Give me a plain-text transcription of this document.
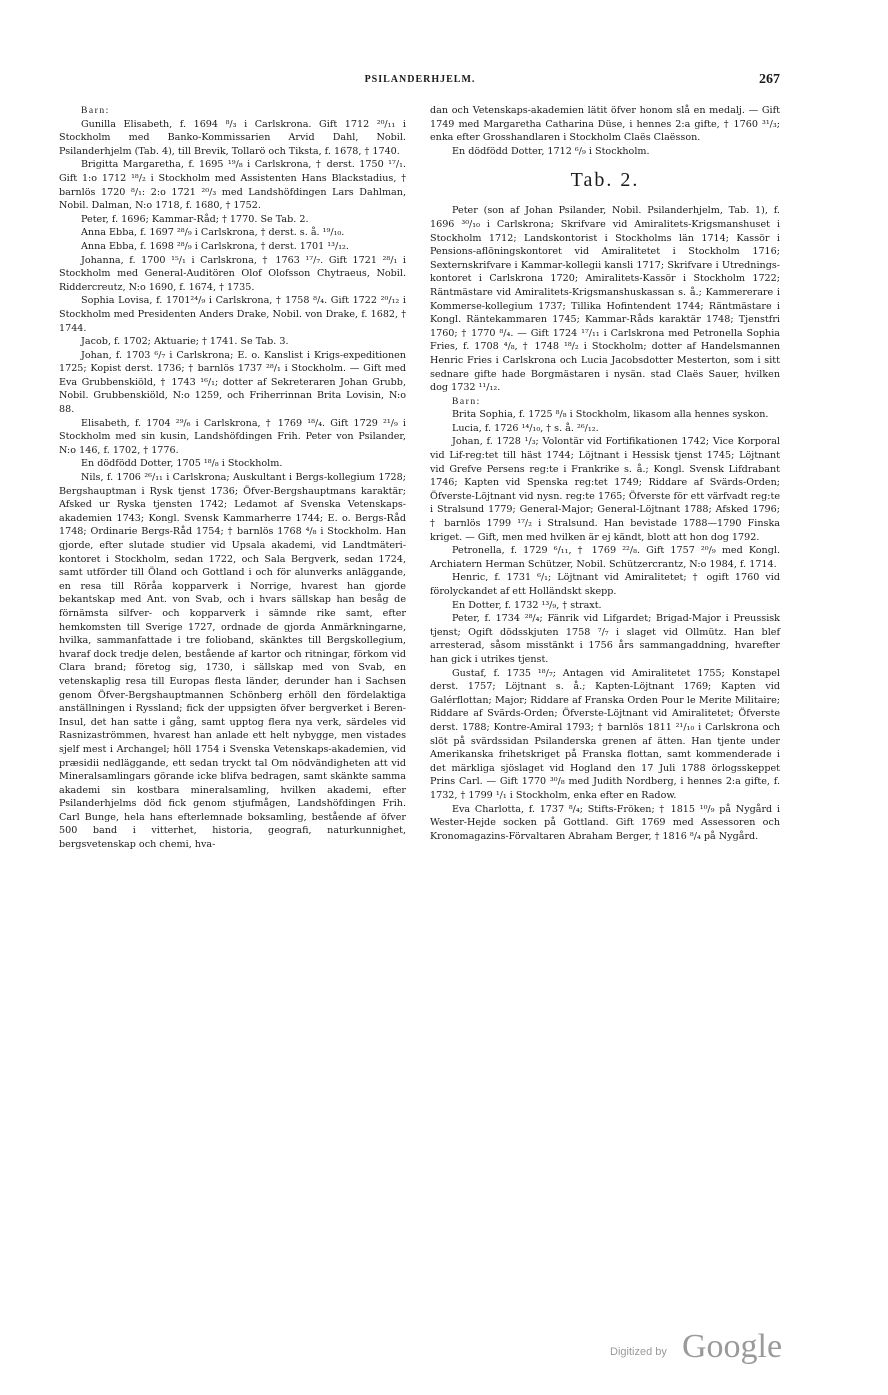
PSILANDERHJELM.	267

Barn:

Gunilla Elisabeth, f. 1694 ⁸/₃ i Carlskrona. Gift 1712 ²⁰/₁₁ i Stockholm med Banko-Kommissarien Arvid Dahl, Nobil. Psilanderhjelm (Tab. 4), till Brevik, Tollarö och Tiksta, f. 1678, † 1740.

Brigitta Margaretha, f. 1695 ¹⁹/₈ i Carlskrona, † derst. 1750 ¹⁷/₁. Gift 1:o 1712 ¹⁸/₂ i Stockholm med Assistenten Hans Blackstadius, † barnlös 1720 ⁸/₁: 2:o 1721 ²⁰/₃ med Landshöfdingen Lars Dahlman, Nobil. Dalman, N:o 1718, f. 1680, † 1752.

Peter, f. 1696; Kammar-Råd; † 1770. Se Tab. 2.

Anna Ebba, f. 1697 ²⁸/₉ i Carlskrona, † derst. s. å. ¹⁹/₁₀.

Anna Ebba, f. 1698 ²⁸/₉ i Carlskrona, † derst. 1701 ¹³/₁₂.

Johanna, f. 1700 ¹⁵/₁ i Carlskrona, † 1763 ¹⁷/₇. Gift 1721 ²⁸/₁ i Stockholm med General-Auditören Olof Olofsson Chytraeus, Nobil. Riddercreutz, N:o 1690, f. 1674, † 1735.

Sophia Lovisa, f. 1701²⁴/₉ i Carlskrona, † 1758 ⁸/₄. Gift 1722 ²⁰/₁₂ i Stockholm med Presidenten Anders Drake, Nobil. von Drake, f. 1682, † 1744.

Jacob, f. 1702; Aktuarie; † 1741. Se Tab. 3.

Johan, f. 1703 ⁶/₇ i Carlskrona; E. o. Kanslist i Krigs-expeditionen 1725; Kopist derst. 1736; † barnlös 1737 ²⁸/₁ i Stockholm. — Gift med Eva Grubbenskiöld, † 1743 ¹⁶/₁; dotter af Sekreteraren Johan Grubb, Nobil. Grubbenskiöld, N:o 1259, och Friherrinnan Brita Lovisin, N:o 88.

Elisabeth, f. 1704 ²⁹/₆ i Carlskrona, † 1769 ¹⁸/₄. Gift 1729 ²¹/₉ i Stockholm med sin kusin, Landshöfdingen Frih. Peter von Psilander, N:o 146, f. 1702, † 1776.

En dödfödd Dotter, 1705 ¹⁸/₈ i Stockholm.

Nils, f. 1706 ²⁶/₁₁ i Carlskrona; Auskultant i Bergs-kollegium 1728; Bergshauptman i Rysk tjenst 1736; Öfver-Bergshauptmans karaktär; Afsked ur Ryska tjensten 1742; Ledamot af Svenska Vetenskaps-akademien 1743; Kongl. Svensk Kammarherre 1744; E. o. Bergs-Råd 1748; Ordinarie Bergs-Råd 1754; † barnlös 1768 ⁴/₈ i Stockholm. Han gjorde, efter slutade studier vid Upsala akademi, vid Landtmäteri-kontoret i Stockholm, sedan 1722, och Sala Bergverk, sedan 1724, samt utförder till Öland och Gottland i och för alunverks anläggande, en resa till Röråa kopparverk i Norrige, hvarest han gjorde bekantskap med Ant. von Svab, och i hvars sällskap han besåg de förnämsta silfver- och kopparverk i sämnde rike samt, efter hemkomsten till Sverige 1727, ordnade de gjorda Anmärkningarne, hvilka, sammanfattade i tre folioband, skänktes till Bergskollegium, hvaraf dock tredje delen, bestående af kartor och ritningar, förkom vid Clara brand; företog sig, 1730, i sällskap med von Svab, en vetenskaplig resa till Europas flesta länder, derunder han i Sachsen genom Öfver-Bergshauptmannen Schönberg erhöll den fördelaktiga anställningen i Ryssland; fick der uppsigten öfver bergverket i Beren-Insul, det han satte i gång, samt upptog flera nya verk, särdeles vid Rasnizaströmmen, hvarest han anlade ett helt nybygge, men vistades sjelf mest i Archangel; höll 1754 i Svenska Vetenskaps-akademien, vid præsidii nedläggande, ett sedan tryckt tal Om nödvändigheten att vid Mineralsamlingars görande icke blifva bedragen, samt skänkte samma akademi sin kostbara mineralsamling, hvilken akademi, efter Psilanderhjelms död fick genom stjufmågen, Landshöfdingen Frih. Carl Bunge, hela hans efterlemnade boksamling, bestående af öfver 500 band i vitterhet, historia, geografi, naturkunnighet, bergsvetenskap och chemi, hva-

dan och Vetenskaps-akademien lätit öfver honom slå en medalj. — Gift 1749 med Margaretha Catharina Düse, i hennes 2:a gifte, † 1760 ³¹/₃; enka efter Grosshandlaren i Stockholm Claës Claësson.

En dödfödd Dotter, 1712 ⁶/₉ i Stockholm.

Tab. 2.

Peter (son af Johan Psilander, Nobil. Psilanderhjelm, Tab. 1), f. 1696 ³⁰/₁₀ i Carlskrona; Skrifvare vid Amiralitets-Krigsmanshuset i Stockholm 1712; Landskontorist i Stockholms län 1714; Kassör i Pensions-aflöningskontoret vid Amiralitetet i Stockholm 1716; Sexternskrifvare i Kammar-kollegii kansli 1717; Skrifvare i Utrednings-kontoret i Carlskrona 1720; Amiralitets-Kassör i Stockholm 1722; Räntmästare vid Amiralitets-Krigsmanshuskassan s. å.; Kammererare i Kommerse-kollegium 1737; Tillika Hofintendent 1744; Räntmästare i Kongl. Räntekammaren 1745; Kammar-Råds karaktär 1748; Tjenstfri 1760; † 1770 ⁸/₄. — Gift 1724 ¹⁷/₁₁ i Carlskrona med Petronella Sophia Fries, f. 1708 ⁴/₈, † 1748 ¹⁸/₂ i Stockholm; dotter af Handelsmannen Henric Fries i Carlskrona och Lucia Jacobsdotter Mesterton, som i sitt sednare gifte hade Borgmästaren i nysän. stad Claës Sauer, hvilken dog 1732 ¹¹/₁₂.

Barn:

Brita Sophia, f. 1725 ⁸/₈ i Stockholm, likasom alla hennes syskon.

Lucia, f. 1726 ¹⁴/₁₀, † s. å. ²⁶/₁₂.

Johan, f. 1728 ¹/₃; Volontär vid Fortifikationen 1742; Vice Korporal vid Lif-reg:tet till häst 1744; Löjtnant i Hessisk tjenst 1745; Löjtnant vid Grefve Persens reg:te i Frankrike s. å.; Kongl. Svensk Lifdrabant 1746; Kapten vid Spenska reg:tet 1749; Riddare af Svärds-Orden; Öfverste-Löjtnant vid nysn. reg:te 1765; Öfverste för ett värfvadt reg:te i Stralsund 1779; General-Major; General-Löjtnant 1788; Afsked 1796; † barnlös 1799 ¹⁷/₂ i Stralsund. Han bevistade 1788—1790 Finska kriget. — Gift, men med hvilken är ej kändt, blott att hon dog 1792.

Petronella, f. 1729 ⁶/₁₁, † 1769 ²²/₈. Gift 1757 ²⁰/₉ med Kongl. Archiatern Herman Schützer, Nobil. Schützercrantz, N:o 1984, f. 1714.

Henric, f. 1731 ⁶/₁; Löjtnant vid Amiralitetet; † ogift 1760 vid förolyckandet af ett Holländskt skepp.

En Dotter, f. 1732 ¹³/₉, † straxt.

Peter, f. 1734 ²⁸/₄; Fänrik vid Lifgardet; Brigad-Major i Preussisk tjenst; Ogift dödsskjuten 1758 ⁷/₇ i slaget vid Ollmütz. Han blef arresterad, såsom misstänkt i 1756 års sammangaddning, hvarefter han gick i utrikes tjenst.

Gustaf, f. 1735 ¹⁸/₇; Antagen vid Amiralitetet 1755; Konstapel derst. 1757; Löjtnant s. å.; Kapten-Löjtnant 1769; Kapten vid Galérflottan; Major; Riddare af Franska Orden Pour le Merite Militaire; Riddare af Svärds-Orden; Öfverste-Löjtnant vid Amiralitetet; Öfverste derst. 1788; Kontre-Amiral 1793; † barnlös 1811 ²¹/₁₀ i Carlskrona och slöt på svärdssidan Psilanderska grenen af ätten. Han tjente under Amerikanska frihetskriget på Franska flottan, samt kommenderade i det märkliga sjöslaget vid Hogland den 17 Juli 1788 örlogsskeppet Prins Carl. — Gift 1770 ³⁰/₈ med Judith Nordberg, i hennes 2:a gifte, f. 1732, † 1799 ¹/₁ i Stockholm, enka efter en Radow.

Eva Charlotta, f. 1737 ⁸/₄; Stifts-Fröken; † 1815 ¹⁰/₉ på Nygård i Wester-Hejde socken på Gottland. Gift 1769 med Assessoren och Kronomagazins-Förvaltaren Abraham Berger, † 1816 ⁸/₄ på Nygård.

Digitized by Google
